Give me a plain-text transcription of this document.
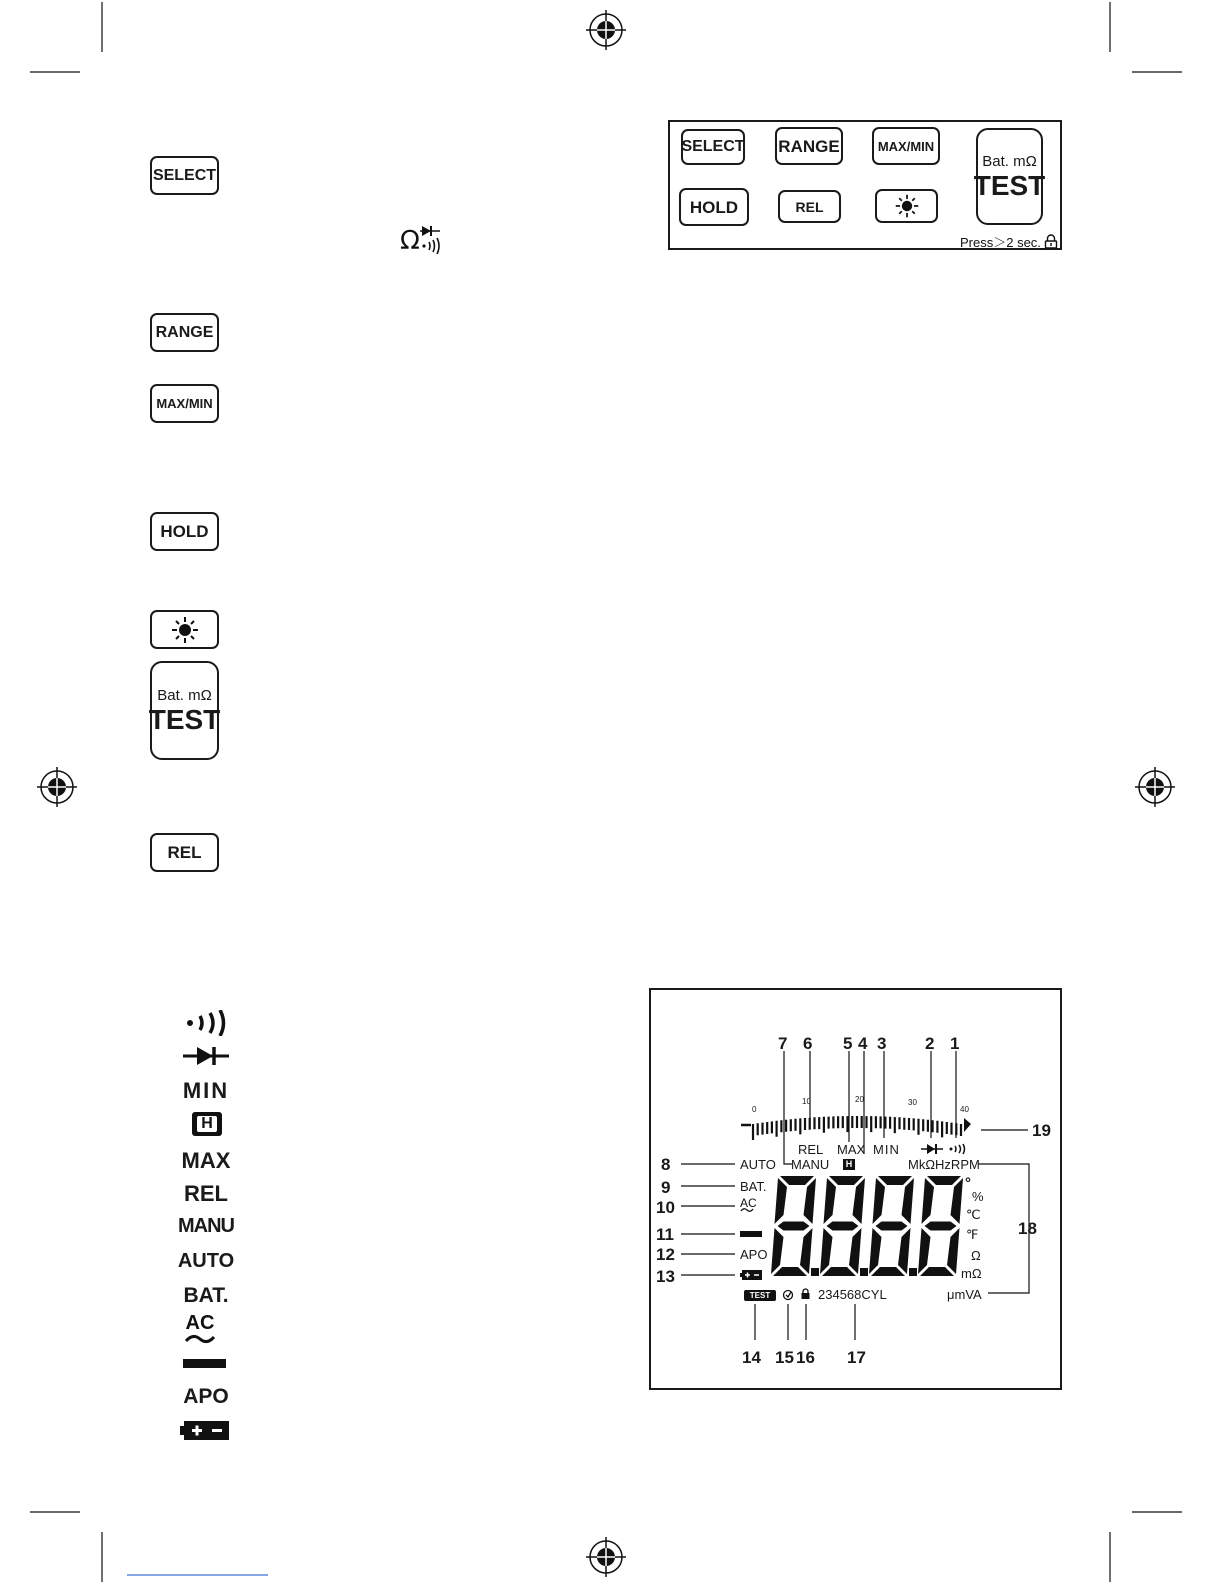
SELECT
Ω
RANGE
MAX/MIN
HOLD
Bat. mΩ
TEST
REL
SELECT RANGE	MAX/MIN
HOLD	REL
Bat. mΩ
TEST
Press＞2 sec.
MIN
H
MAX
REL
MANU
AUTO
BAT.
AC
APO
0
10	20	30
40
REL MAX MIN
AUTO MANU H	MkΩHzRPM
BAT.
AC
APO
°
%
℃
℉
Ω
mΩ
μmVA
TEST	234568CYL
7 6 5 4 3 2 1
19
8
9
10
11
12
13
18
14 15 16 17
